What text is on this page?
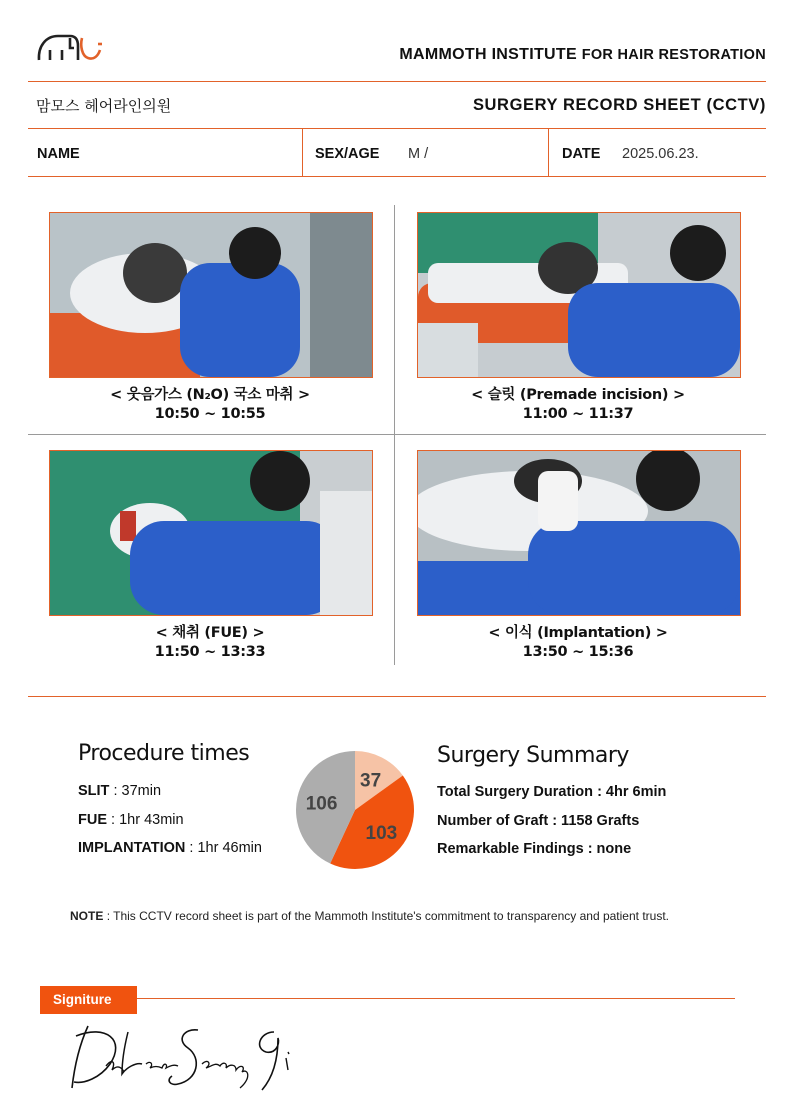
MAMMOTH INSTITUTE FOR HAIR RESTORATION
맘모스 헤어라인의원	SURGERY RECORD SHEET (CCTV)
NAME	SEX/AGE M /	DATE 2025.06.23.
< 웃음가스 (N₂O) 국소 마취 >
10:50 ~ 10:55
< 슬릿 (Premade incision) >
11:00 ~ 11:37
< 채취 (FUE) >
11:50 ~ 13:33
< 이식 (Implantation) >
13:50 ~ 15:36
Procedure times
SLIT : 37min
FUE : 1hr 43min
IMPLANTATION : 1hr 46min
37
103
106
Surgery Summary
Total Surgery Duration : 4hr 6min
Number of Graft : 1158 Grafts
Remarkable Findings : none
NOTE : This CCTV record sheet is part of the Mammoth Institute's commitment to transparency and patient trust.
Signiture
